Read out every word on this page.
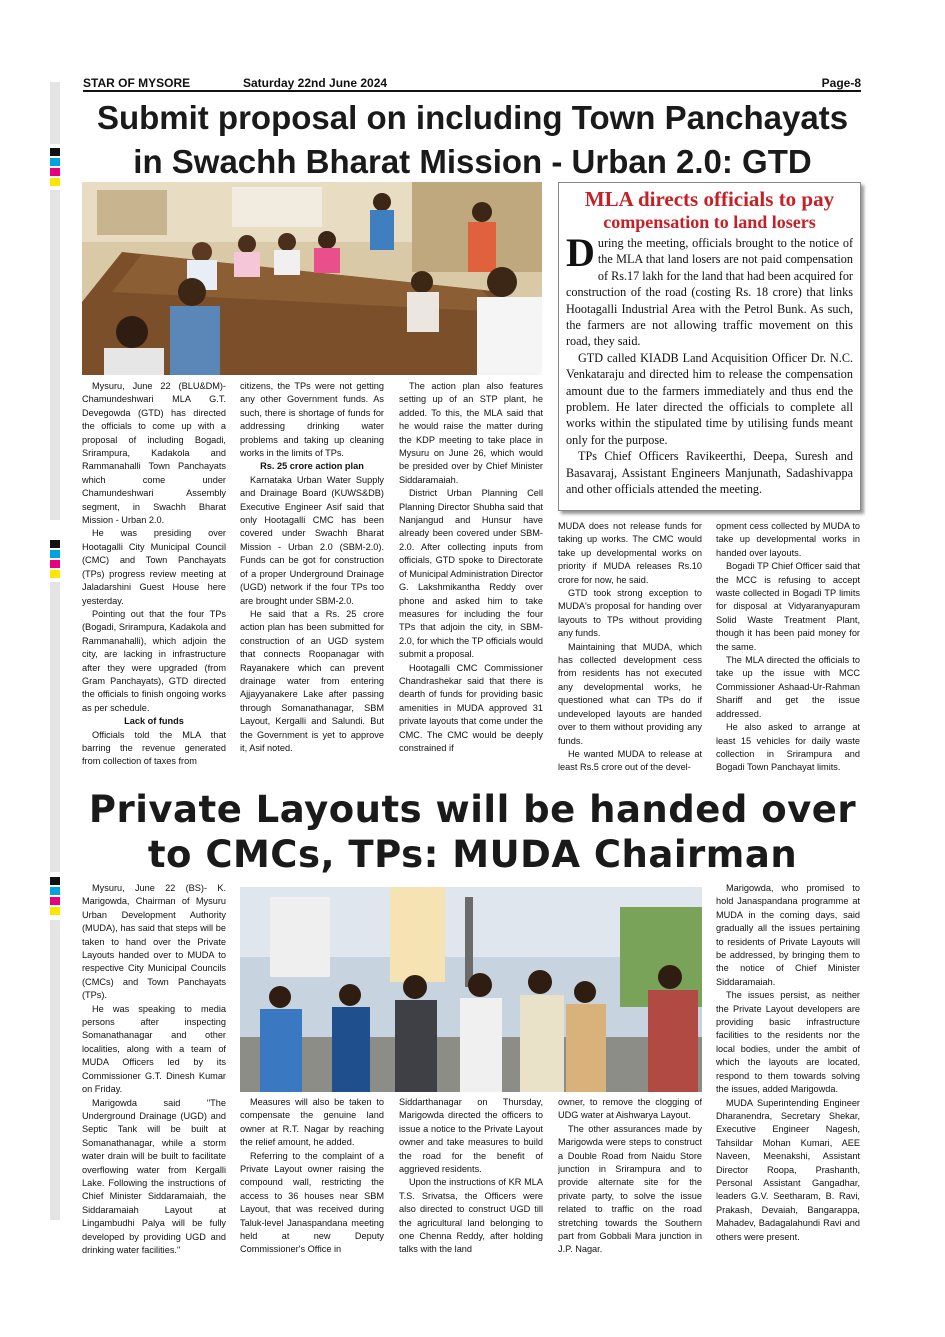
STAR OF MYSORE	Saturday 22nd June 2024	Page-8
Submit proposal on including Town Panchayats
in Swachh Bharat Mission - Urban 2.0: GTD

Mysuru, June 22 (BLU&DM)- Chamundeshwari MLA G.T. Devegowda (GTD) has directed the officials to come up with a proposal of including Bogadi, Srirampura, Kadakola and Rammanahalli Town Panchayats which come under Chamundeshwari Assembly segment, in Swachh Bharat Mission - Urban 2.0.

He was presiding over Hootagalli City Municipal Council (CMC) and Town Panchayats (TPs) progress review meeting at Jaladarshini Guest House here yesterday.

Pointing out that the four TPs (Bogadi, Srirampura, Kadakola and Rammanahalli), which adjoin the city, are lacking in infrastructure after they were upgraded (from Gram Panchayats), GTD directed the officials to finish ongoing works as per schedule.

Lack of funds

Officials told the MLA that barring the revenue generated from collection of taxes from

citizens, the TPs were not getting any other Government funds. As such, there is shortage of funds for addressing drinking water problems and taking up cleaning works in the limits of TPs.

Rs. 25 crore action plan

Karnataka Urban Water Supply and Drainage Board (KUWS&DB) Executive Engineer Asif said that only Hootagalli CMC has been covered under Swachh Bharat Mission - Urban 2.0 (SBM-2.0). Funds can be got for construction of a proper Underground Drainage (UGD) network if the four TPs too are brought under SBM-2.0.

He said that a Rs. 25 crore action plan has been submitted for construction of an UGD system that connects Roopanagar with Rayanakere which can prevent drainage water from entering Ajjayyanakere Lake after passing through Somanathanagar, SBM Layout, Kergalli and Salundi. But the Government is yet to approve it, Asif noted.

The action plan also features setting up of an STP plant, he added. To this, the MLA said that he would raise the matter during the KDP meeting to take place in Mysuru on June 26, which would be presided over by Chief Minister Siddaramaiah.

District Urban Planning Cell Planning Director Shubha said that Nanjangud and Hunsur have already been covered under SBM-2.0. After collecting inputs from officials, GTD spoke to Directorate of Municipal Administration Director G. Lakshmikantha Reddy over phone and asked him to take measures for including the four TPs that adjoin the city, in SBM-2.0, for which the TP officials would submit a proposal.

Hootagalli CMC Commissioner Chandrashekar said that there is dearth of funds for providing basic amenities in MUDA approved 31 private layouts that come under the CMC. The CMC would be deeply constrained if

MUDA does not release funds for taking up works. The CMC would take up developmental works on priority if MUDA releases Rs.10 crore for now, he said.

GTD took strong exception to MUDA's proposal for handing over layouts to TPs without providing any funds.

Maintaining that MUDA, which has collected development cess from residents has not executed any developmental works, he questioned what can TPs do if undeveloped layouts are handed over to them without providing any funds.

He wanted MUDA to release at least Rs.5 crore out of the devel-

opment cess collected by MUDA to take up developmental works in handed over layouts.

Bogadi TP Chief Officer said that the MCC is refusing to accept waste collected in Bogadi TP limits for disposal at Vidyaranyapuram Solid Waste Treatment Plant, though it has been paid money for the same.

The MLA directed the officials to take up the issue with MCC Commissioner Ashaad-Ur-Rahman Shariff and get the issue addressed.

He also asked to arrange at least 15 vehicles for daily waste collection in Srirampura and Bogadi Town Panchayat limits.

MLA directs officials to pay
compensation to land losers

During the meeting, officials brought to the notice of the MLA that land losers are not paid compensation of Rs.17 lakh for the land that had been acquired for construction of the road (costing Rs. 18 crore) that links Hootagalli Industrial Area with the Petrol Bunk. As such, the farmers are not allowing traffic movement on this road, they said.

GTD called KIADB Land Acquisition Officer Dr. N.C. Venkataraju and directed him to release the compensation amount due to the farmers immediately and thus end the problem. He later directed the officials to complete all works within the stipulated time by utilising funds meant only for the purpose.

TPs Chief Officers Ravikeerthi, Deepa, Suresh and Basavaraj, Assistant Engineers Manjunath, Sadashivappa and other officials attended the meeting.

Private Layouts will be handed over
to CMCs, TPs: MUDA Chairman

Mysuru, June 22 (BS)- K. Marigowda, Chairman of Mysuru Urban Development Authority (MUDA), has said that steps will be taken to hand over the Private Layouts handed over to MUDA to respective City Municipal Councils (CMCs) and Town Panchayats (TPs).

He was speaking to media persons after inspecting Somanathanagar and other localities, along with a team of MUDA Officers led by its Commissioner G.T. Dinesh Kumar on Friday.

Marigowda said "The Underground Drainage (UGD) and Septic Tank will be built at Somanathanagar, while a storm water drain will be built to facilitate overflowing water from Kergalli Lake. Following the instructions of Chief Minister Siddaramaiah, the Siddaramaiah Layout at Lingambudhi Palya will be fully developed by providing UGD and drinking water facilities."

Measures will also be taken to compensate the genuine land owner at R.T. Nagar by reaching the relief amount, he added.

Referring to the complaint of a Private Layout owner raising the compound wall, restricting the access to 36 houses near SBM Layout, that was received during Taluk-level Janaspandana meeting held at new Deputy Commissioner's Office in

Siddarthanagar on Thursday, Marigowda directed the officers to issue a notice to the Private Layout owner and take measures to build the road for the benefit of aggrieved residents.

Upon the instructions of KR MLA T.S. Srivatsa, the Officers were also directed to construct UGD till the agricultural land belonging to one Chenna Reddy, after holding talks with the land

owner, to remove the clogging of UDG water at Aishwarya Layout.

The other assurances made by Marigowda were steps to construct a Double Road from Naidu Store junction in Srirampura and to provide alternate site for the private party, to solve the issue related to traffic on the road stretching towards the Southern part from Gobbali Mara junction in J.P. Nagar.

Marigowda, who promised to hold Janaspandana programme at MUDA in the coming days, said gradually all the issues pertaining to residents of Private Layouts will be addressed, by bringing them to the notice of Chief Minister Siddaramaiah.

The issues persist, as neither the Private Layout developers are providing basic infrastructure facilities to the residents nor the local bodies, under the ambit of which the layouts are located, respond to them towards solving the issues, added Marigowda.

MUDA Superintending Engineer Dharanendra, Secretary Shekar, Executive Engineer Nagesh, Tahsildar Mohan Kumari, AEE Naveen, Meenakshi, Assistant Director Roopa, Prashanth, Personal Assistant Gangadhar, leaders G.V. Seetharam, B. Ravi, Prakash, Devaiah, Bangarappa, Mahadev, Badagalahundi Ravi and others were present.
